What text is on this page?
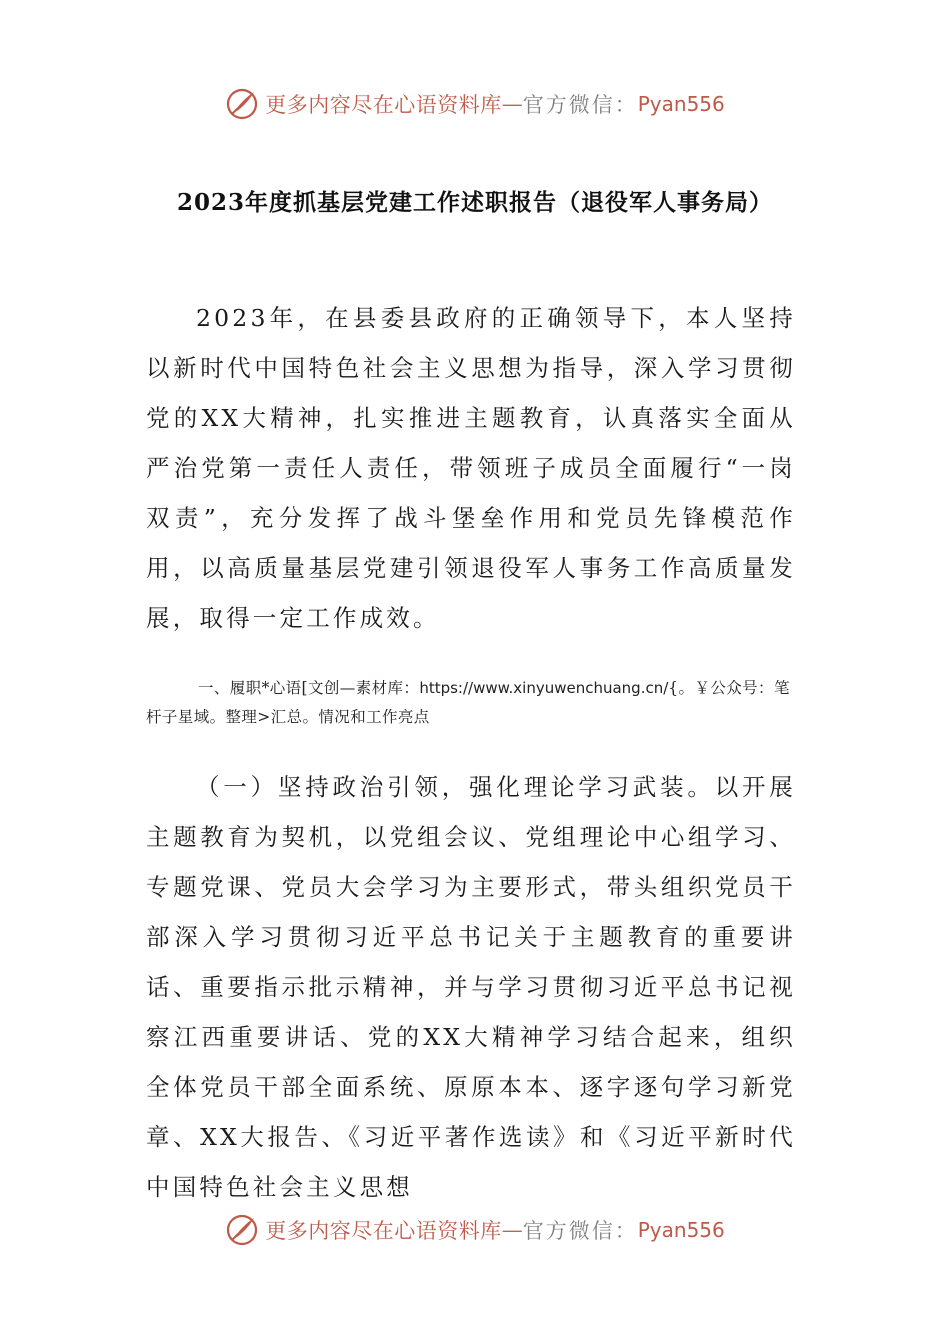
更多内容尽在心语资料库 — 官方微信： Pyan556
2023年度抓基层党建工作述职报告（退役军人事务局）
2023年，在县委县政府的正确领导下，本人坚持以新时代中国特色社会主义思想为指导，深入学习贯彻党的XX大精神，扎实推进主题教育，认真落实全面从严治党第一责任人责任，带领班子成员全面履行“一岗双责”，充分发挥了战斗堡垒作用和党员先锋模范作用，以高质量基层党建引领退役军人事务工作高质量发展，取得一定工作成效。
一、履职*心语[文创—素材库：https://www.xinyuwenchuang.cn/{。￥公众号：笔杆子星域。整理>汇总。情况和工作亮点
（一）坚持政治引领，强化理论学习武装。以开展主题教育为契机，以党组会议、党组理论中心组学习、专题党课、党员大会学习为主要形式，带头组织党员干部深入学习贯彻习近平总书记关于主题教育的重要讲话、重要指示批示精神，并与学习贯彻习近平总书记视察江西重要讲话、党的XX大精神学习结合起来，组织全体党员干部全面系统、原原本本、逐字逐句学习新党章、XX大报告、《习近平著作选读》和《习近平新时代中国特色社会主义思想
更多内容尽在心语资料库 — 官方微信： Pyan556
